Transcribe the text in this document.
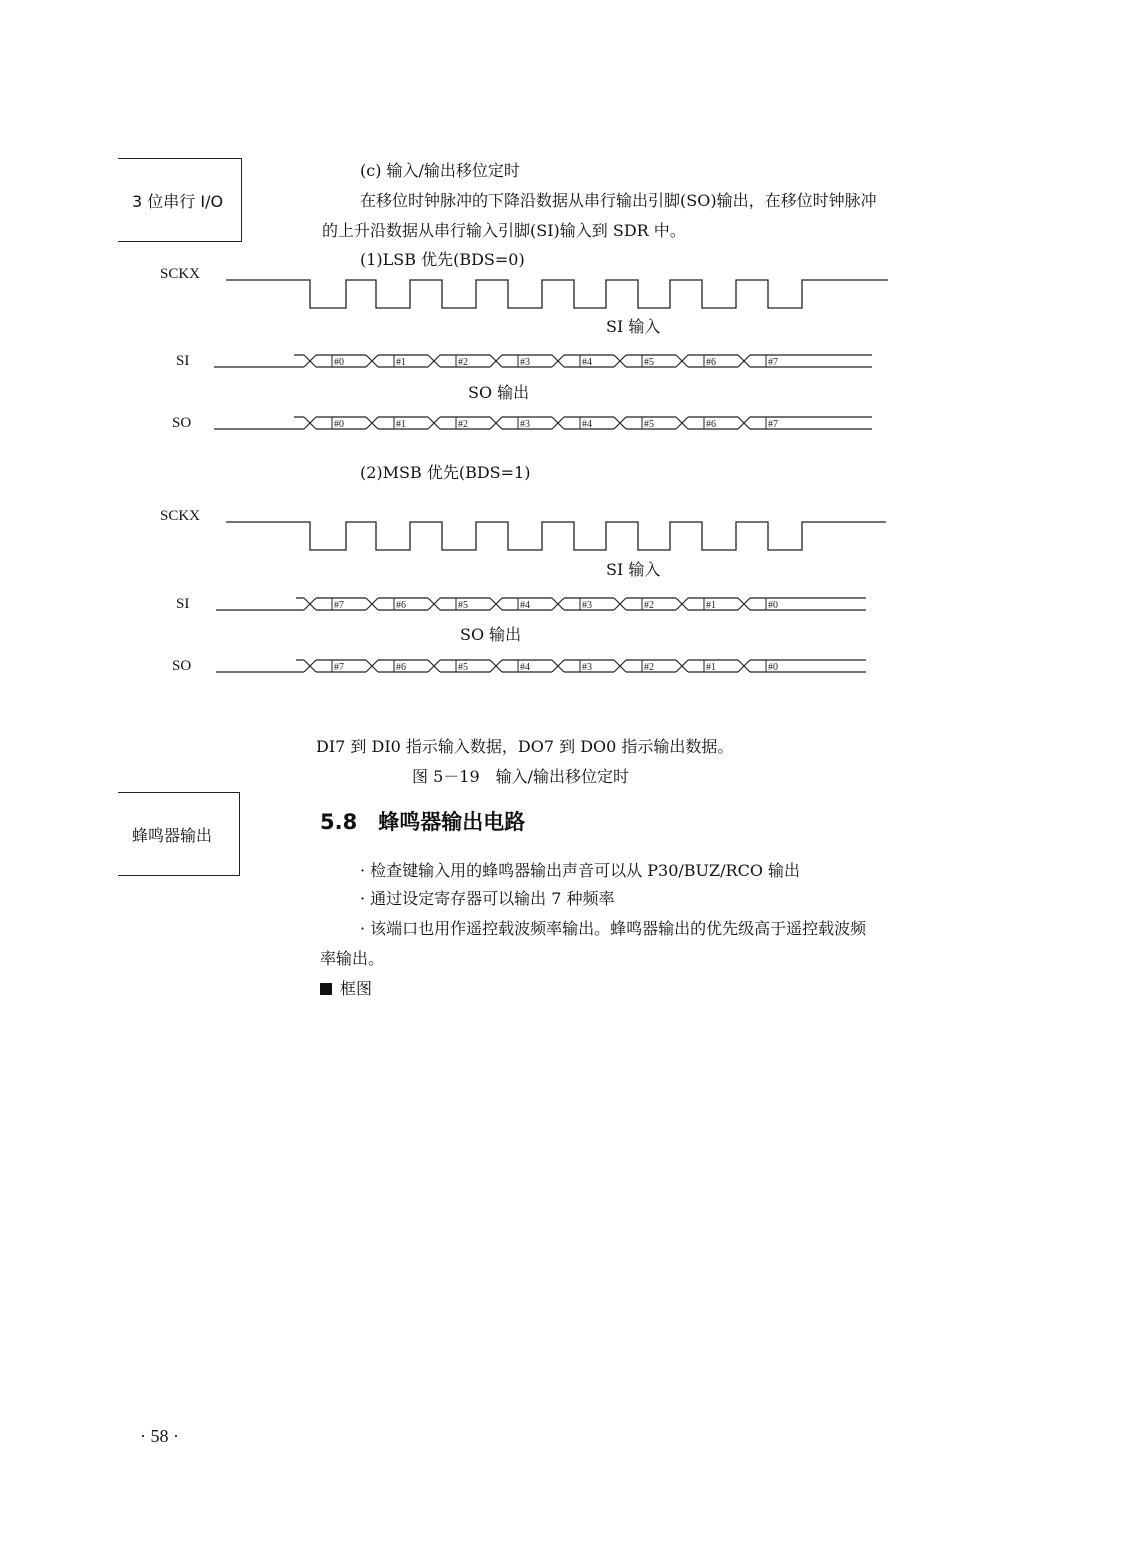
3 位串行 I/O
蜂鸣器输出
(c) 输入/输出移位定时
在移位时钟脉冲的下降沿数据从串行输出引脚(SO)输出，在移位时钟脉冲
的上升沿数据从串行输入引脚(SI)输入到 SDR 中。
(1)LSB 优先(BDS=0)
SCKX
SI
SO
SI 输入
SO 输出
#0	#1	#2	#3	#4	#5	#6	#7
#0	#1	#2	#3	#4	#5	#6	#7
#7	#6	#5	#4	#3	#2	#1	#0
#7	#6	#5	#4	#3	#2	#1	#0
(2)MSB 优先(BDS=1)
SCKX
SI
SO
SI 输入
SO 输出
DI7 到 DI0 指示输入数据，DO7 到 DO0 指示输出数据。
图 5－19　输入/输出移位定时
5.8　蜂鸣器输出电路
· 检查键输入用的蜂鸣器输出声音可以从 P30/BUZ/RCO 输出
· 通过设定寄存器可以输出 7 种频率
· 该端口也用作遥控载波频率输出。蜂鸣器输出的优先级高于遥控载波频
率输出。
框图
· 58 ·
